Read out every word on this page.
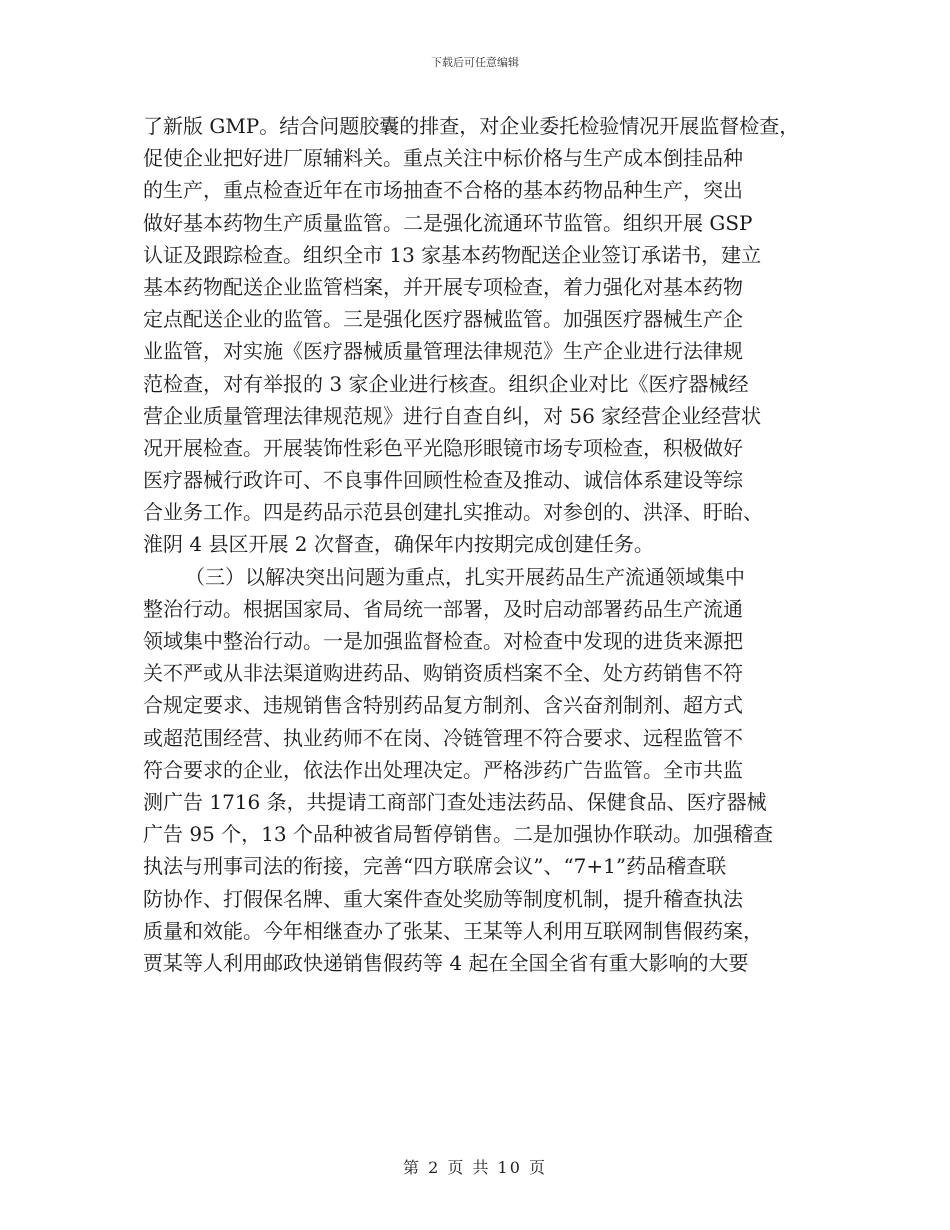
下载后可任意编辑
了新版 GMP。结合问题胶囊的排查，对企业委托检验情况开展监督检查，
促使企业把好进厂原辅料关。重点关注中标价格与生产成本倒挂品种
的生产，重点检查近年在市场抽查不合格的基本药物品种生产，突出
做好基本药物生产质量监管。二是强化流通环节监管。组织开展 GSP
认证及跟踪检查。组织全市 13 家基本药物配送企业签订承诺书，建立
基本药物配送企业监管档案，并开展专项检查，着力强化对基本药物
定点配送企业的监管。三是强化医疗器械监管。加强医疗器械生产企
业监管，对实施《医疗器械质量管理法律规范》生产企业进行法律规
范检查，对有举报的 3 家企业进行核查。组织企业对比《医疗器械经
营企业质量管理法律规范规》进行自查自纠，对 56 家经营企业经营状
况开展检查。开展装饰性彩色平光隐形眼镜市场专项检查，积极做好
医疗器械行政许可、不良事件回顾性检查及推动、诚信体系建设等综
合业务工作。四是药品示范县创建扎实推动。对参创的、洪泽、盱眙、
淮阴 4 县区开展 2 次督查，确保年内按期完成创建任务。
（三）以解决突出问题为重点，扎实开展药品生产流通领域集中
整治行动。根据国家局、省局统一部署，及时启动部署药品生产流通
领域集中整治行动。一是加强监督检查。对检查中发现的进货来源把
关不严或从非法渠道购进药品、购销资质档案不全、处方药销售不符
合规定要求、违规销售含特别药品复方制剂、含兴奋剂制剂、超方式
或超范围经营、执业药师不在岗、冷链管理不符合要求、远程监管不
符合要求的企业，依法作出处理决定。严格涉药广告监管。全市共监
测广告 1716 条，共提请工商部门查处违法药品、保健食品、医疗器械
广告 95 个，13 个品种被省局暂停销售。二是加强协作联动。加强稽查
执法与刑事司法的衔接，完善“四方联席会议”、“7+1”药品稽查联
防协作、打假保名牌、重大案件查处奖励等制度机制，提升稽查执法
质量和效能。今年相继查办了张某、王某等人利用互联网制售假药案，
贾某等人利用邮政快递销售假药等 4 起在全国全省有重大影响的大要
第 2 页 共 10 页
